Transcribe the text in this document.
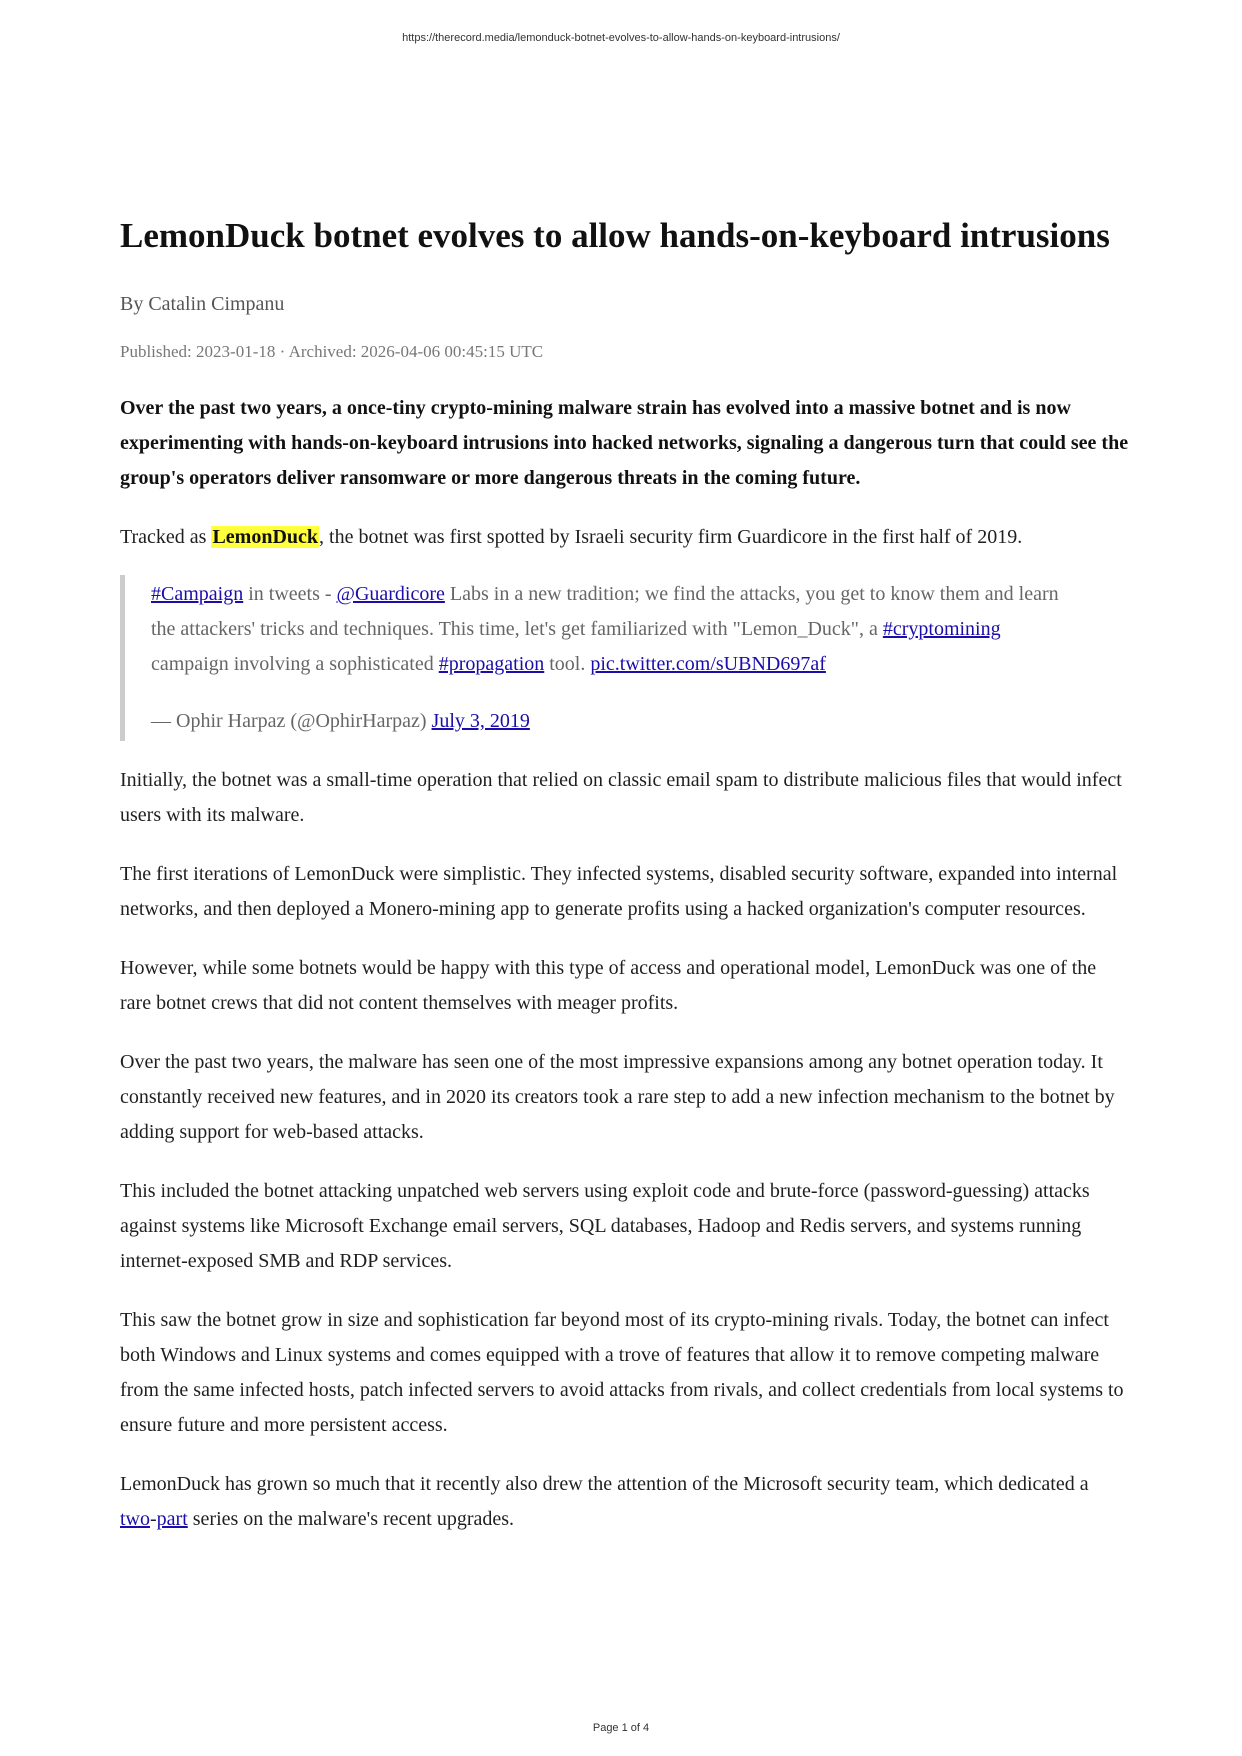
https://therecord.media/lemonduck-botnet-evolves-to-allow-hands-on-keyboard-intrusions/
LemonDuck botnet evolves to allow hands-on-keyboard intrusions
By Catalin Cimpanu
Published: 2023-01-18 · Archived: 2026-04-06 00:45:15 UTC

Over the past two years, a once-tiny crypto-mining malware strain has evolved into a massive botnet and is now experimenting with hands-on-keyboard intrusions into hacked networks, signaling a dangerous turn that could see the group's operators deliver ransomware or more dangerous threats in the coming future.

Tracked as LemonDuck, the botnet was first spotted by Israeli security firm Guardicore in the first half of 2019.

#Campaign in tweets - @Guardicore Labs in a new tradition; we find the attacks, you get to know them and learn the attackers' tricks and techniques. This time, let's get familiarized with "Lemon_Duck", a #cryptomining campaign involving a sophisticated #propagation tool. pic.twitter.com/sUBND697af

— Ophir Harpaz (@OphirHarpaz) July 3, 2019

Initially, the botnet was a small-time operation that relied on classic email spam to distribute malicious files that would infect users with its malware.

The first iterations of LemonDuck were simplistic. They infected systems, disabled security software, expanded into internal networks, and then deployed a Monero-mining app to generate profits using a hacked organization's computer resources.

However, while some botnets would be happy with this type of access and operational model, LemonDuck was one of the rare botnet crews that did not content themselves with meager profits.

Over the past two years, the malware has seen one of the most impressive expansions among any botnet operation today. It constantly received new features, and in 2020 its creators took a rare step to add a new infection mechanism to the botnet by adding support for web-based attacks.

This included the botnet attacking unpatched web servers using exploit code and brute-force (password-guessing) attacks against systems like Microsoft Exchange email servers, SQL databases, Hadoop and Redis servers, and systems running internet-exposed SMB and RDP services.

This saw the botnet grow in size and sophistication far beyond most of its crypto-mining rivals. Today, the botnet can infect both Windows and Linux systems and comes equipped with a trove of features that allow it to remove competing malware from the same infected hosts, patch infected servers to avoid attacks from rivals, and collect credentials from local systems to ensure future and more persistent access.

LemonDuck has grown so much that it recently also drew the attention of the Microsoft security team, which dedicated a two-part series on the malware's recent upgrades.

Page 1 of 4
